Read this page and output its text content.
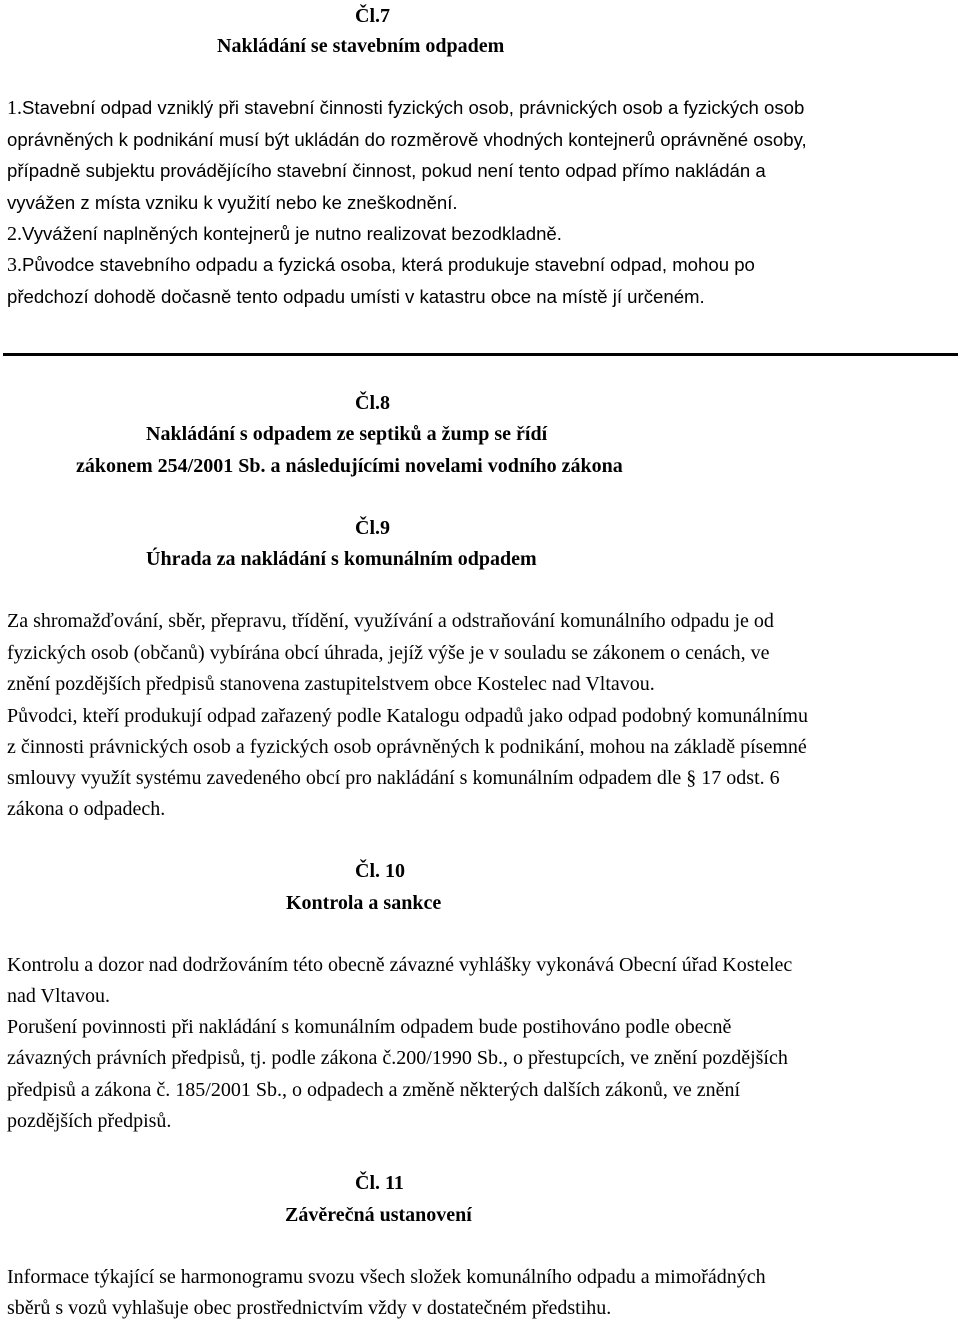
Čl.7
Nakládání se stavebním odpadem
1.Stavební odpad vzniklý při stavební činnosti fyzických osob, právnických osob a fyzických osob
oprávněných k podnikání musí být ukládán do rozměrově vhodných kontejnerů oprávněné osoby,
případně subjektu provádějícího stavební činnost, pokud není tento odpad přímo nakládán a
vyvážen z místa vzniku k využití nebo ke zneškodnění.
2.Vyvážení naplněných kontejnerů je nutno realizovat bezodkladně.
3.Původce stavebního odpadu a fyzická osoba, která produkuje stavební odpad, mohou po
předchozí dohodě dočasně tento odpadu umísti v katastru obce na místě jí určeném.
Čl.8
Nakládání s odpadem ze septiků a žump se řídí
zákonem 254/2001 Sb. a následujícími novelami vodního zákona
Čl.9
Úhrada za nakládání s komunálním odpadem
Za shromažďování, sběr, přepravu, třídění, využívání a odstraňování komunálního odpadu je od
fyzických osob (občanů) vybírána obcí úhrada, jejíž výše je v souladu se zákonem o cenách, ve
znění pozdějších předpisů stanovena zastupitelstvem obce Kostelec nad Vltavou.
Původci, kteří produkují odpad zařazený podle Katalogu odpadů jako odpad podobný komunálnímu
z činnosti právnických osob a fyzických osob oprávněných k podnikání, mohou na základě písemné
smlouvy využít systému zavedeného obcí pro nakládání s komunálním odpadem dle § 17 odst. 6
zákona o odpadech.
Čl. 10
Kontrola a sankce
Kontrolu a dozor nad dodržováním této obecně závazné vyhlášky vykonává Obecní úřad Kostelec
nad Vltavou.
Porušení povinnosti při nakládání s komunálním odpadem bude postihováno podle obecně
závazných právních předpisů, tj. podle zákona č.200/1990 Sb., o přestupcích, ve znění pozdějších
předpisů a zákona č. 185/2001 Sb., o odpadech a změně některých dalších zákonů, ve znění
pozdějších předpisů.
Čl. 11
Závěrečná ustanovení
Informace týkající se harmonogramu svozu všech složek komunálního odpadu a mimořádných
sběrů s vozů vyhlašuje obec prostřednictvím vždy v dostatečném předstihu.
